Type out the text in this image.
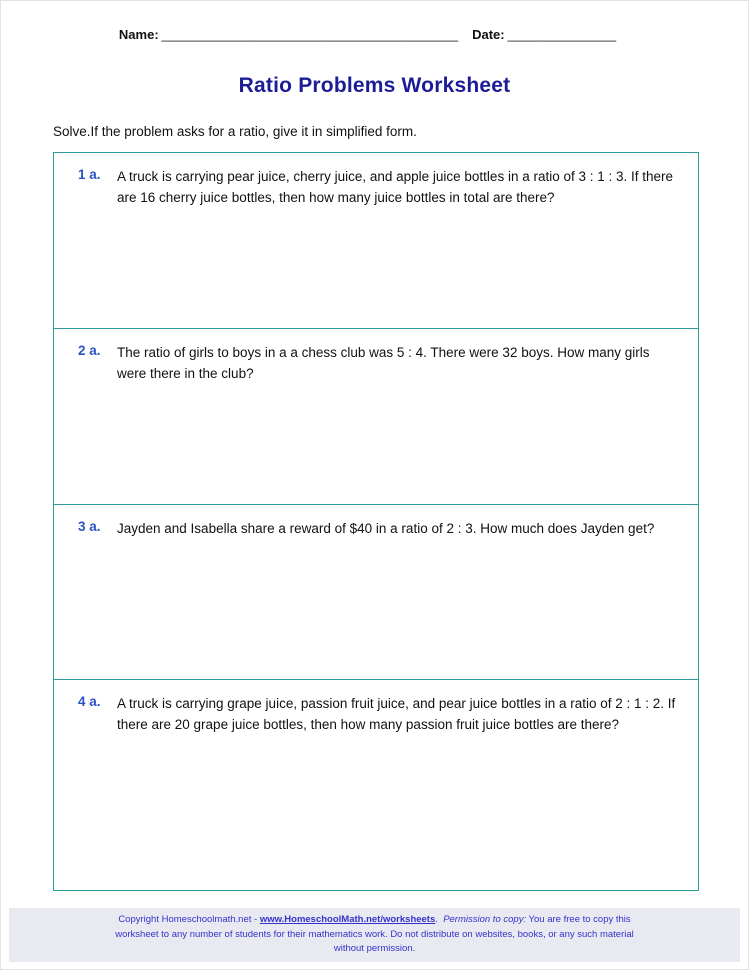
Name: _________________________________________ Date: _______________
Ratio Problems Worksheet
Solve.If the problem asks for a ratio, give it in simplified form.
1 a.	A truck is carrying pear juice, cherry juice, and apple juice bottles in a ratio of 3 : 1 : 3. If there are 16 cherry juice bottles, then how many juice bottles in total are there?
2 a.	The ratio of girls to boys in a a chess club was 5 : 4. There were 32 boys. How many girls were there in the club?
3 a.	Jayden and Isabella share a reward of $40 in a ratio of 2 : 3. How much does Jayden get?
4 a.	A truck is carrying grape juice, passion fruit juice, and pear juice bottles in a ratio of 2 : 1 : 2. If there are 20 grape juice bottles, then how many passion fruit juice bottles are there?
Copyright Homeschoolmath.net - www.HomeschoolMath.net/worksheets.  Permission to copy: You are free to copy this worksheet to any number of students for their mathematics work. Do not distribute on websites, books, or any such material without permission.
